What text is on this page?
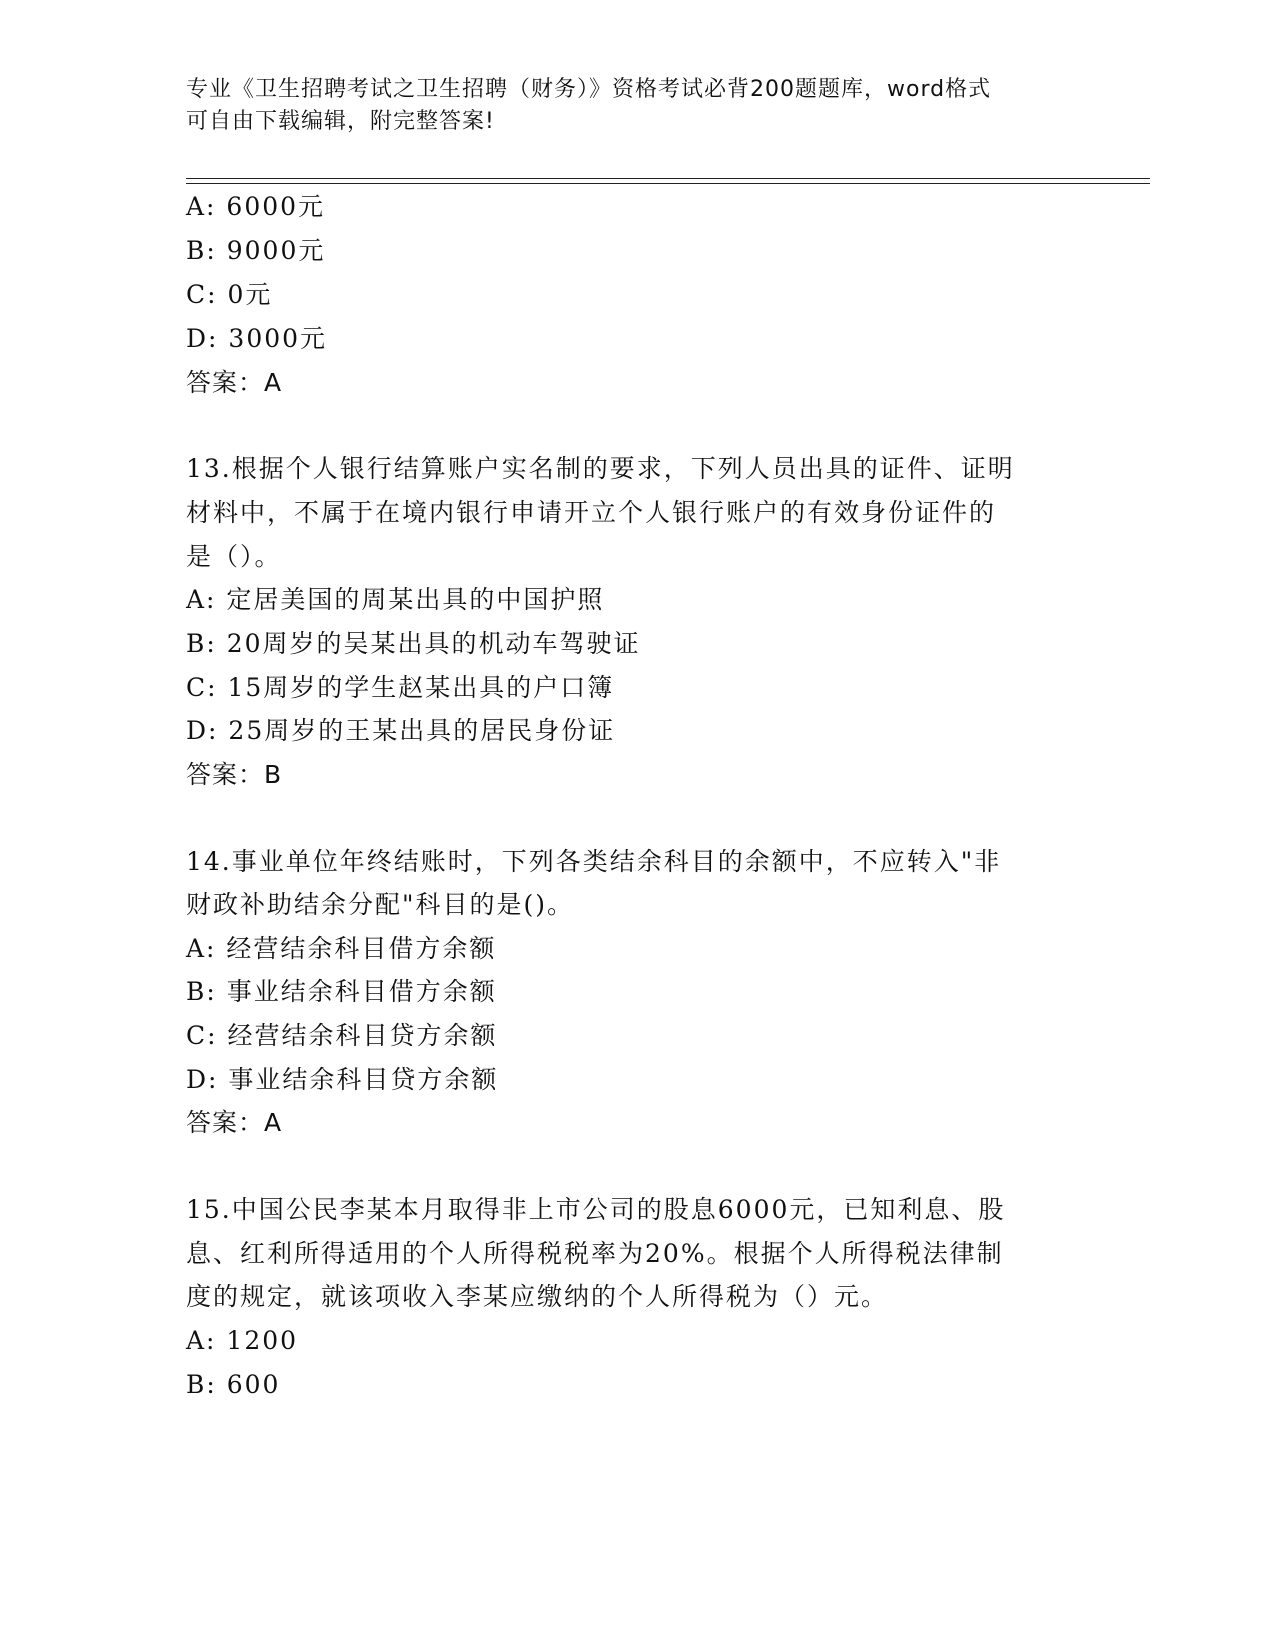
专业《卫生招聘考试之卫生招聘（财务）》资格考试必背200题题库，word格式
可自由下载编辑，附完整答案!
A: 6000元
B: 9000元
C: 0元
D: 3000元
答案：A
13.根据个人银行结算账户实名制的要求，下列人员出具的证件、证明
材料中，不属于在境内银行申请开立个人银行账户的有效身份证件的
是（）。
A: 定居美国的周某出具的中国护照
B: 20周岁的吴某出具的机动车驾驶证
C: 15周岁的学生赵某出具的户口簿
D: 25周岁的王某出具的居民身份证
答案：B
14.事业单位年终结账时，下列各类结余科目的余额中，不应转入"非
财政补助结余分配"科目的是()。
A: 经营结余科目借方余额
B: 事业结余科目借方余额
C: 经营结余科目贷方余额
D: 事业结余科目贷方余额
答案：A
15.中国公民李某本月取得非上市公司的股息6000元，已知利息、股
息、红利所得适用的个人所得税税率为20%。根据个人所得税法律制
度的规定，就该项收入李某应缴纳的个人所得税为（）元。
A: 1200
B: 600
